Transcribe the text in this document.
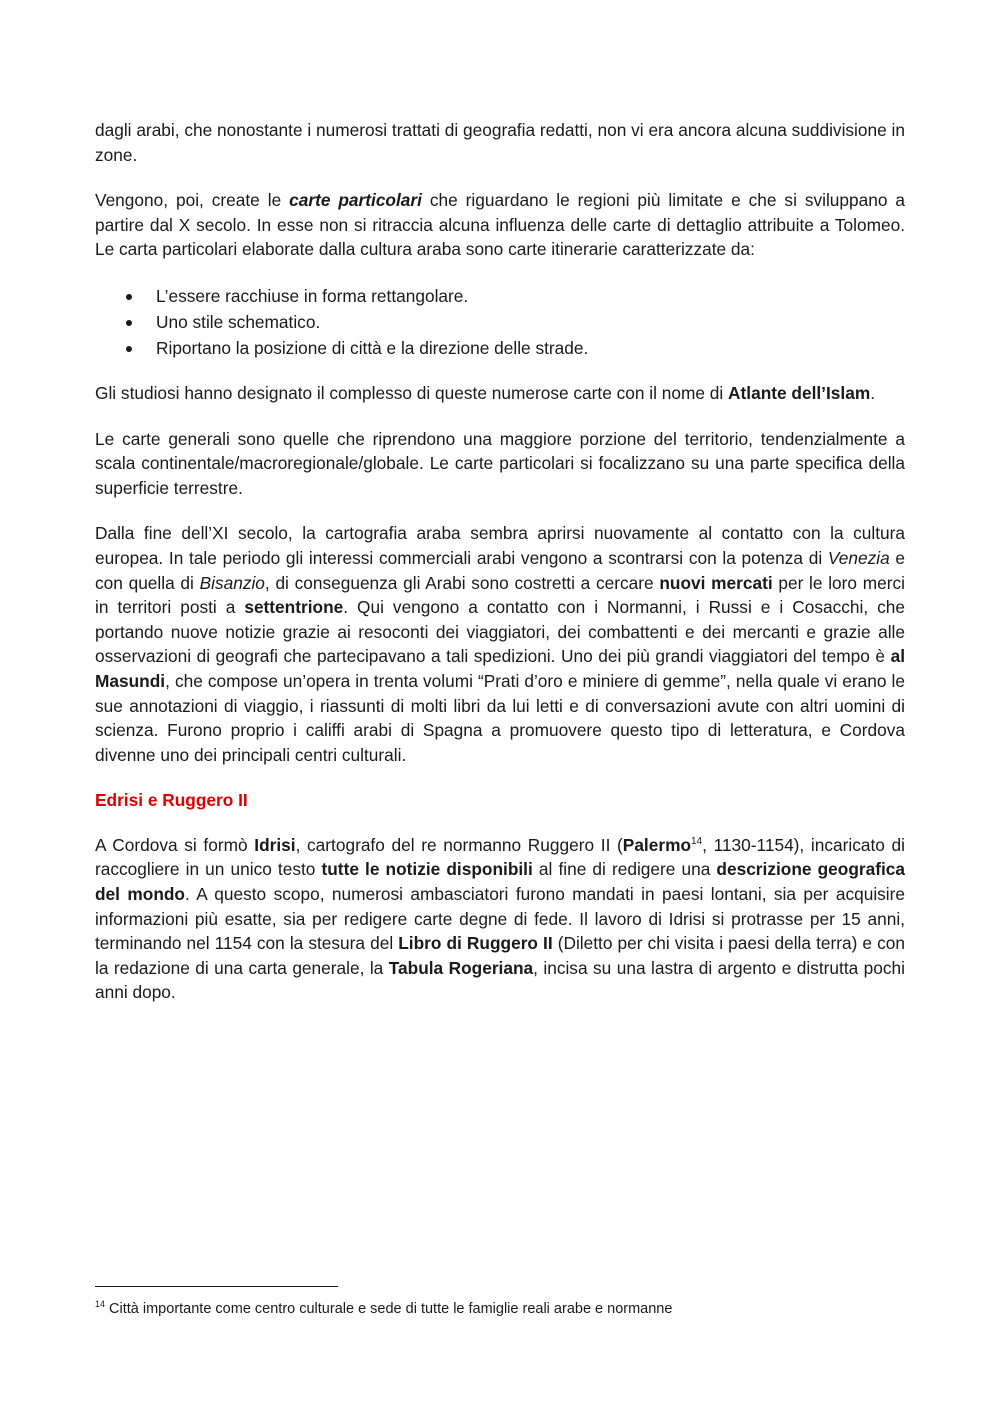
dagli arabi, che nonostante i numerosi trattati di geografia redatti, non vi era ancora alcuna suddivisione in zone.

Vengono, poi, create le carte particolari che riguardano le regioni più limitate e che si sviluppano a partire dal X secolo. In esse non si ritraccia alcuna influenza delle carte di dettaglio attribuite a Tolomeo. Le carta particolari elaborate dalla cultura araba sono carte itinerarie caratterizzate da:

L’essere racchiuse in forma rettangolare.
Uno stile schematico.
Riportano la posizione di città e la direzione delle strade.

Gli studiosi hanno designato il complesso di queste numerose carte con il nome di Atlante dell’Islam.

Le carte generali sono quelle che riprendono una maggiore porzione del territorio, tendenzialmente a scala continentale/macroregionale/globale. Le carte particolari si focalizzano su una parte specifica della superficie terrestre.

Dalla fine dell’XI secolo, la cartografia araba sembra aprirsi nuovamente al contatto con la cultura europea. In tale periodo gli interessi commerciali arabi vengono a scontrarsi con la potenza di Venezia e con quella di Bisanzio, di conseguenza gli Arabi sono costretti a cercare nuovi mercati per le loro merci in territori posti a settentrione. Qui vengono a contatto con i Normanni, i Russi e i Cosacchi, che portando nuove notizie grazie ai resoconti dei viaggiatori, dei combattenti e dei mercanti e grazie alle osservazioni di geografi che partecipavano a tali spedizioni. Uno dei più grandi viaggiatori del tempo è al Masundi, che compose un’opera in trenta volumi “Prati d’oro e miniere di gemme”, nella quale vi erano le sue annotazioni di viaggio, i riassunti di molti libri da lui letti e di conversazioni avute con altri uomini di scienza. Furono proprio i califfi arabi di Spagna a promuovere questo tipo di letteratura, e Cordova divenne uno dei principali centri culturali.

Edrisi e Ruggero II

A Cordova si formò Idrisi, cartografo del re normanno Ruggero II (Palermo$^{14}$, 1130-1154), incaricato di raccogliere in un unico testo tutte le notizie disponibili al fine di redigere una descrizione geografica del mondo. A questo scopo, numerosi ambasciatori furono mandati in paesi lontani, sia per acquisire informazioni più esatte, sia per redigere carte degne di fede. Il lavoro di Idrisi si protrasse per 15 anni, terminando nel 1154 con la stesura del Libro di Ruggero II (Diletto per chi visita i paesi della terra) e con la redazione di una carta generale, la Tabula Rogeriana, incisa su una lastra di argento e distrutta pochi anni dopo.

$^{14}$ Città importante come centro culturale e sede di tutte le famiglie reali arabe e normanne
